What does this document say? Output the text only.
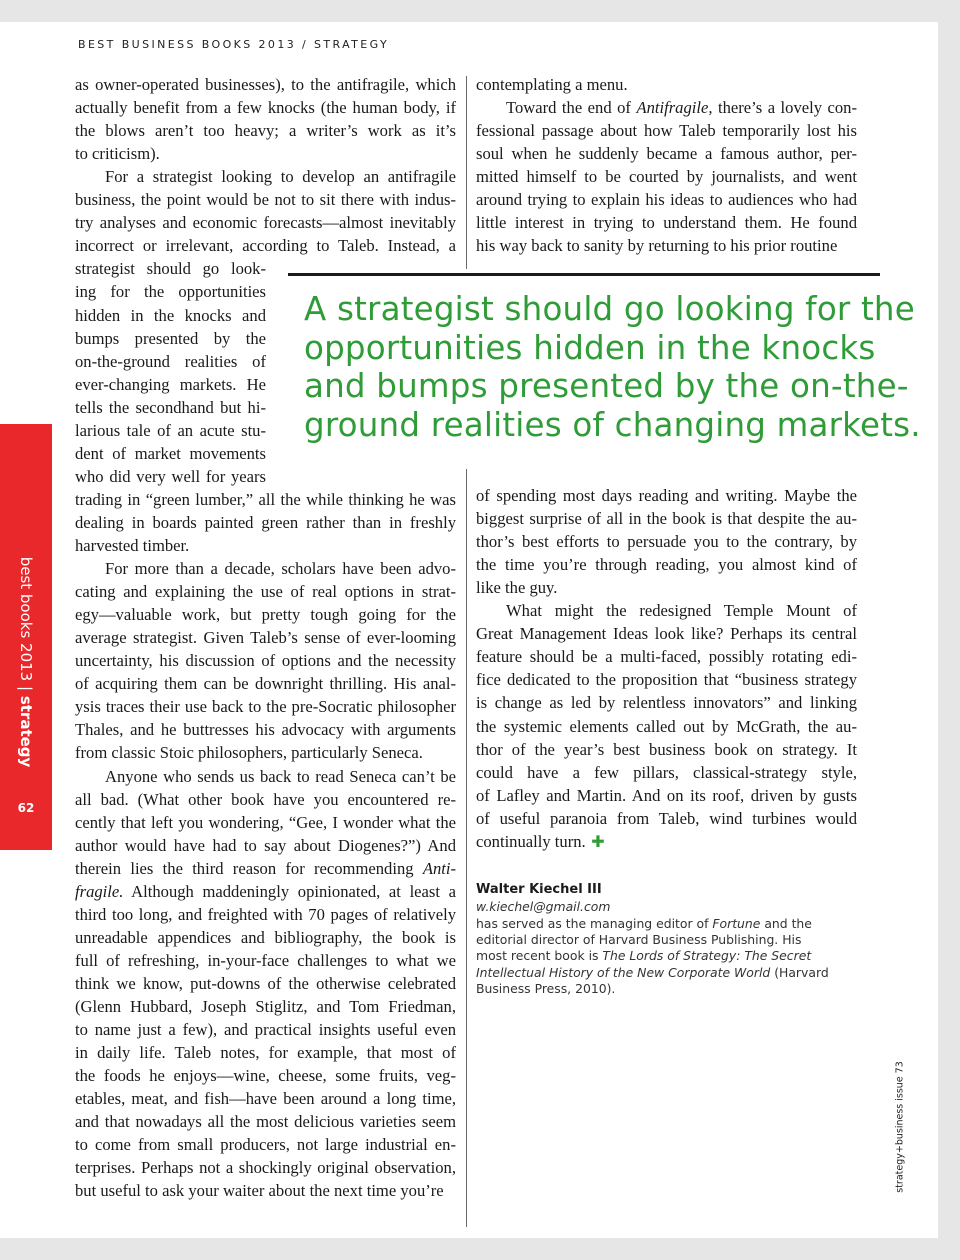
BEST BUSINESS BOOKS 2013 / STRATEGY
as owner-operated businesses), to the antifragile, which
actually benefit from a few knocks (the human body, if
the blows aren’t too heavy; a writer’s work as it’s
to criticism).
For a strategist looking to develop an antifragile
business, the point would be not to sit there with indus-
try analyses and economic forecasts—almost inevitably
incorrect or irrelevant, according to Taleb. Instead, a
strategist should go look-
ing for the opportunities
hidden in the knocks and
bumps presented by the
on-the-ground realities of
ever-changing markets. He
tells the secondhand but hi-
larious tale of an acute stu-
dent of market movements
who did very well for years
trading in “green lumber,” all the while thinking he was
dealing in boards painted green rather than in freshly
harvested timber.
For more than a decade, scholars have been advo-
cating and explaining the use of real options in strat-
egy—valuable work, but pretty tough going for the
average strategist. Given Taleb’s sense of ever-looming
uncertainty, his discussion of options and the necessity
of acquiring them can be downright thrilling. His anal-
ysis traces their use back to the pre-Socratic philosopher
Thales, and he buttresses his advocacy with arguments
from classic Stoic philosophers, particularly Seneca.
Anyone who sends us back to read Seneca can’t be
all bad. (What other book have you encountered re-
cently that left you wondering, “Gee, I wonder what the
author would have had to say about Diogenes?”) And
therein lies the third reason for recommending Anti-
fragile. Although maddeningly opinionated, at least a
third too long, and freighted with 70 pages of relatively
unreadable appendices and bibliography, the book is
full of refreshing, in-your-face challenges to what we
think we know, put-downs of the otherwise celebrated
(Glenn Hubbard, Joseph Stiglitz, and Tom Friedman,
to name just a few), and practical insights useful even
in daily life. Taleb notes, for example, that most of
the foods he enjoys—wine, cheese, some fruits, veg-
etables, meat, and fish—have been around a long time,
and that nowadays all the most delicious varieties seem
to come from small producers, not large industrial en-
terprises. Perhaps not a shockingly original observation,
but useful to ask your waiter about the next time you’re
contemplating a menu.
Toward the end of Antifragile, there’s a lovely con-
fessional passage about how Taleb temporarily lost his
soul when he suddenly became a famous author, per-
mitted himself to be courted by journalists, and went
around trying to explain his ideas to audiences who had
little interest in trying to understand them. He found
his way back to sanity by returning to his prior routine
A strategist should go looking for the
opportunities hidden in the knocks
and bumps presented by the on-the-
ground realities of changing markets.
of spending most days reading and writing. Maybe the
biggest surprise of all in the book is that despite the au-
thor’s best efforts to persuade you to the contrary, by
the time you’re through reading, you almost kind of
like the guy.
What might the redesigned Temple Mount of
Great Management Ideas look like? Perhaps its central
feature should be a multi-faced, possibly rotating edi-
fice dedicated to the proposition that “business strategy
is change as led by relentless innovators” and linking
the systemic elements called out by McGrath, the au-
thor of the year’s best business book on strategy. It
could have a few pillars, classical-strategy style,
of Lafley and Martin. And on its roof, driven by gusts
of useful paranoia from Taleb, wind turbines would
continually turn. ✚
Walter Kiechel III
w.kiechel@gmail.com
has served as the managing editor of Fortune and the
editorial director of Harvard Business Publishing. His
most recent book is The Lords of Strategy: The Secret
Intellectual History of the New Corporate World (Harvard
Business Press, 2010).
best books 2013 | strategy
62
strategy+business issue 73
